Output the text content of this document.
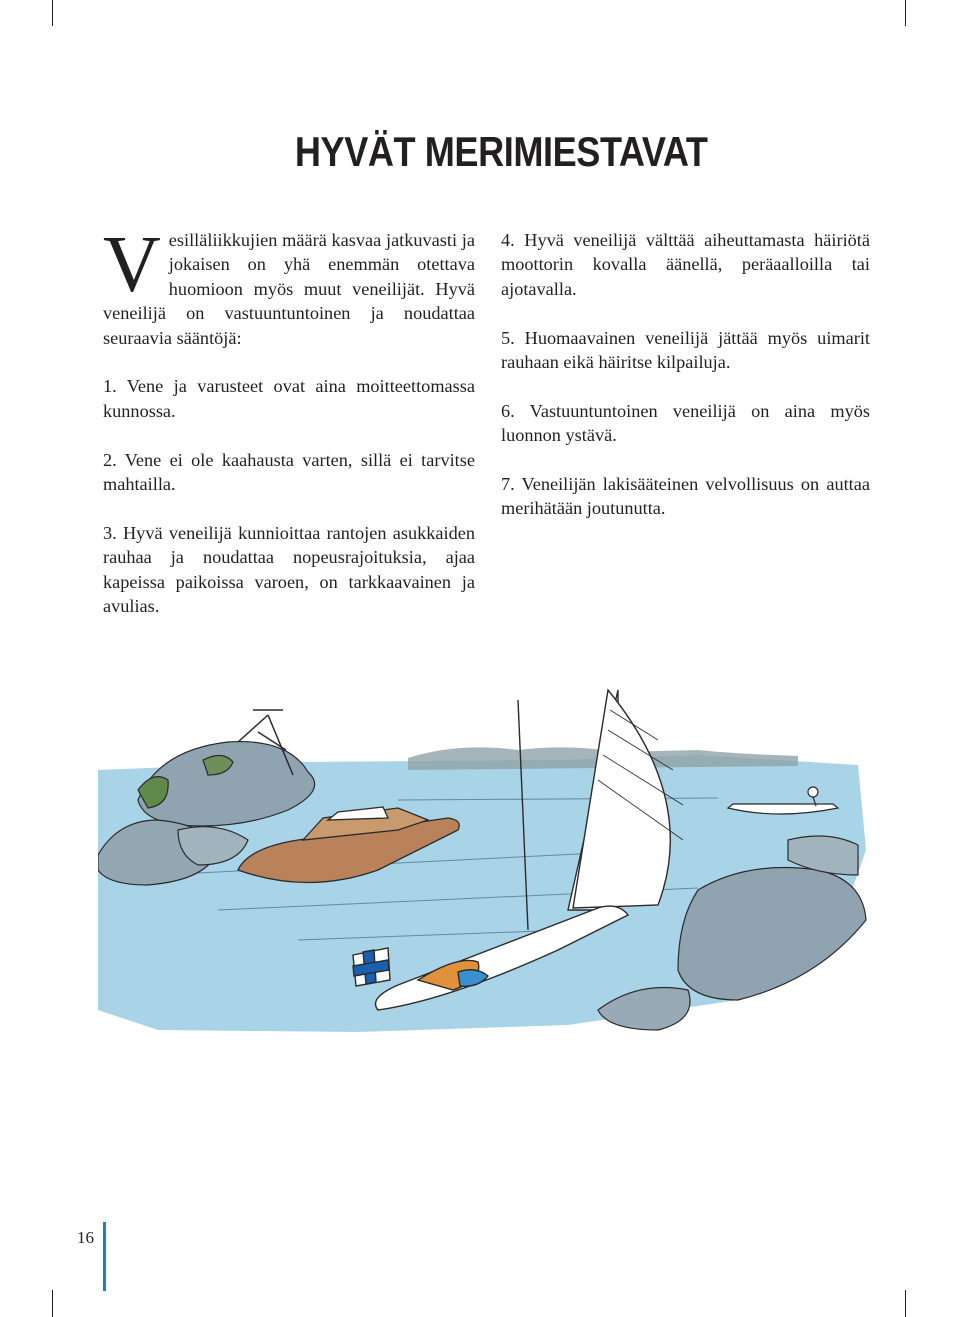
HYVÄT MERIMIESTAVAT

Vesilläliikkujien määrä kasvaa jatkuvasti ja jokaisen on yhä enemmän otettava huomioon myös muut veneilijät. Hyvä veneilijä on vastuuntuntoinen ja noudattaa seuraavia sääntöjä:

1. Vene ja varusteet ovat aina moitteettomassa kunnossa.

2. Vene ei ole kaahausta varten, sillä ei tarvitse mahtailla.

3. Hyvä veneilijä kunnioittaa rantojen asukkaiden rauhaa ja noudattaa nopeusrajoituksia, ajaa kapeissa paikoissa varoen, on tarkkaavainen ja avulias.

4. Hyvä veneilijä välttää aiheuttamasta häiriötä moottorin kovalla äänellä, peräaalloilla tai ajotavalla.

5. Huomaavainen veneilijä jättää myös uimarit rauhaan eikä häiritse kilpailuja.

6. Vastuuntuntoinen veneilijä on aina myös luonnon ystävä.

7. Veneilijän lakisääteinen velvollisuus on auttaa merihätään joutunutta.

16
